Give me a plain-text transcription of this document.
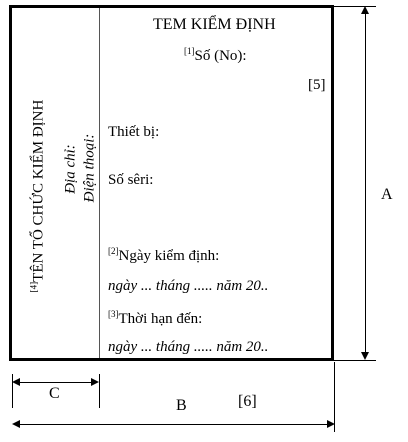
[4]TÊN TỔ CHỨC KIỂM ĐỊNH Địa chỉ: Điện thoại:
TEM KIỂM ĐỊNH
[1]Số (No):
[5]
Thiết bị:
Số sêri:
[2]Ngày kiểm định:
ngày ... tháng ..... năm 20..
[3]Thời hạn đến:
ngày ... tháng ..... năm 20..
A
C
B	[6]
